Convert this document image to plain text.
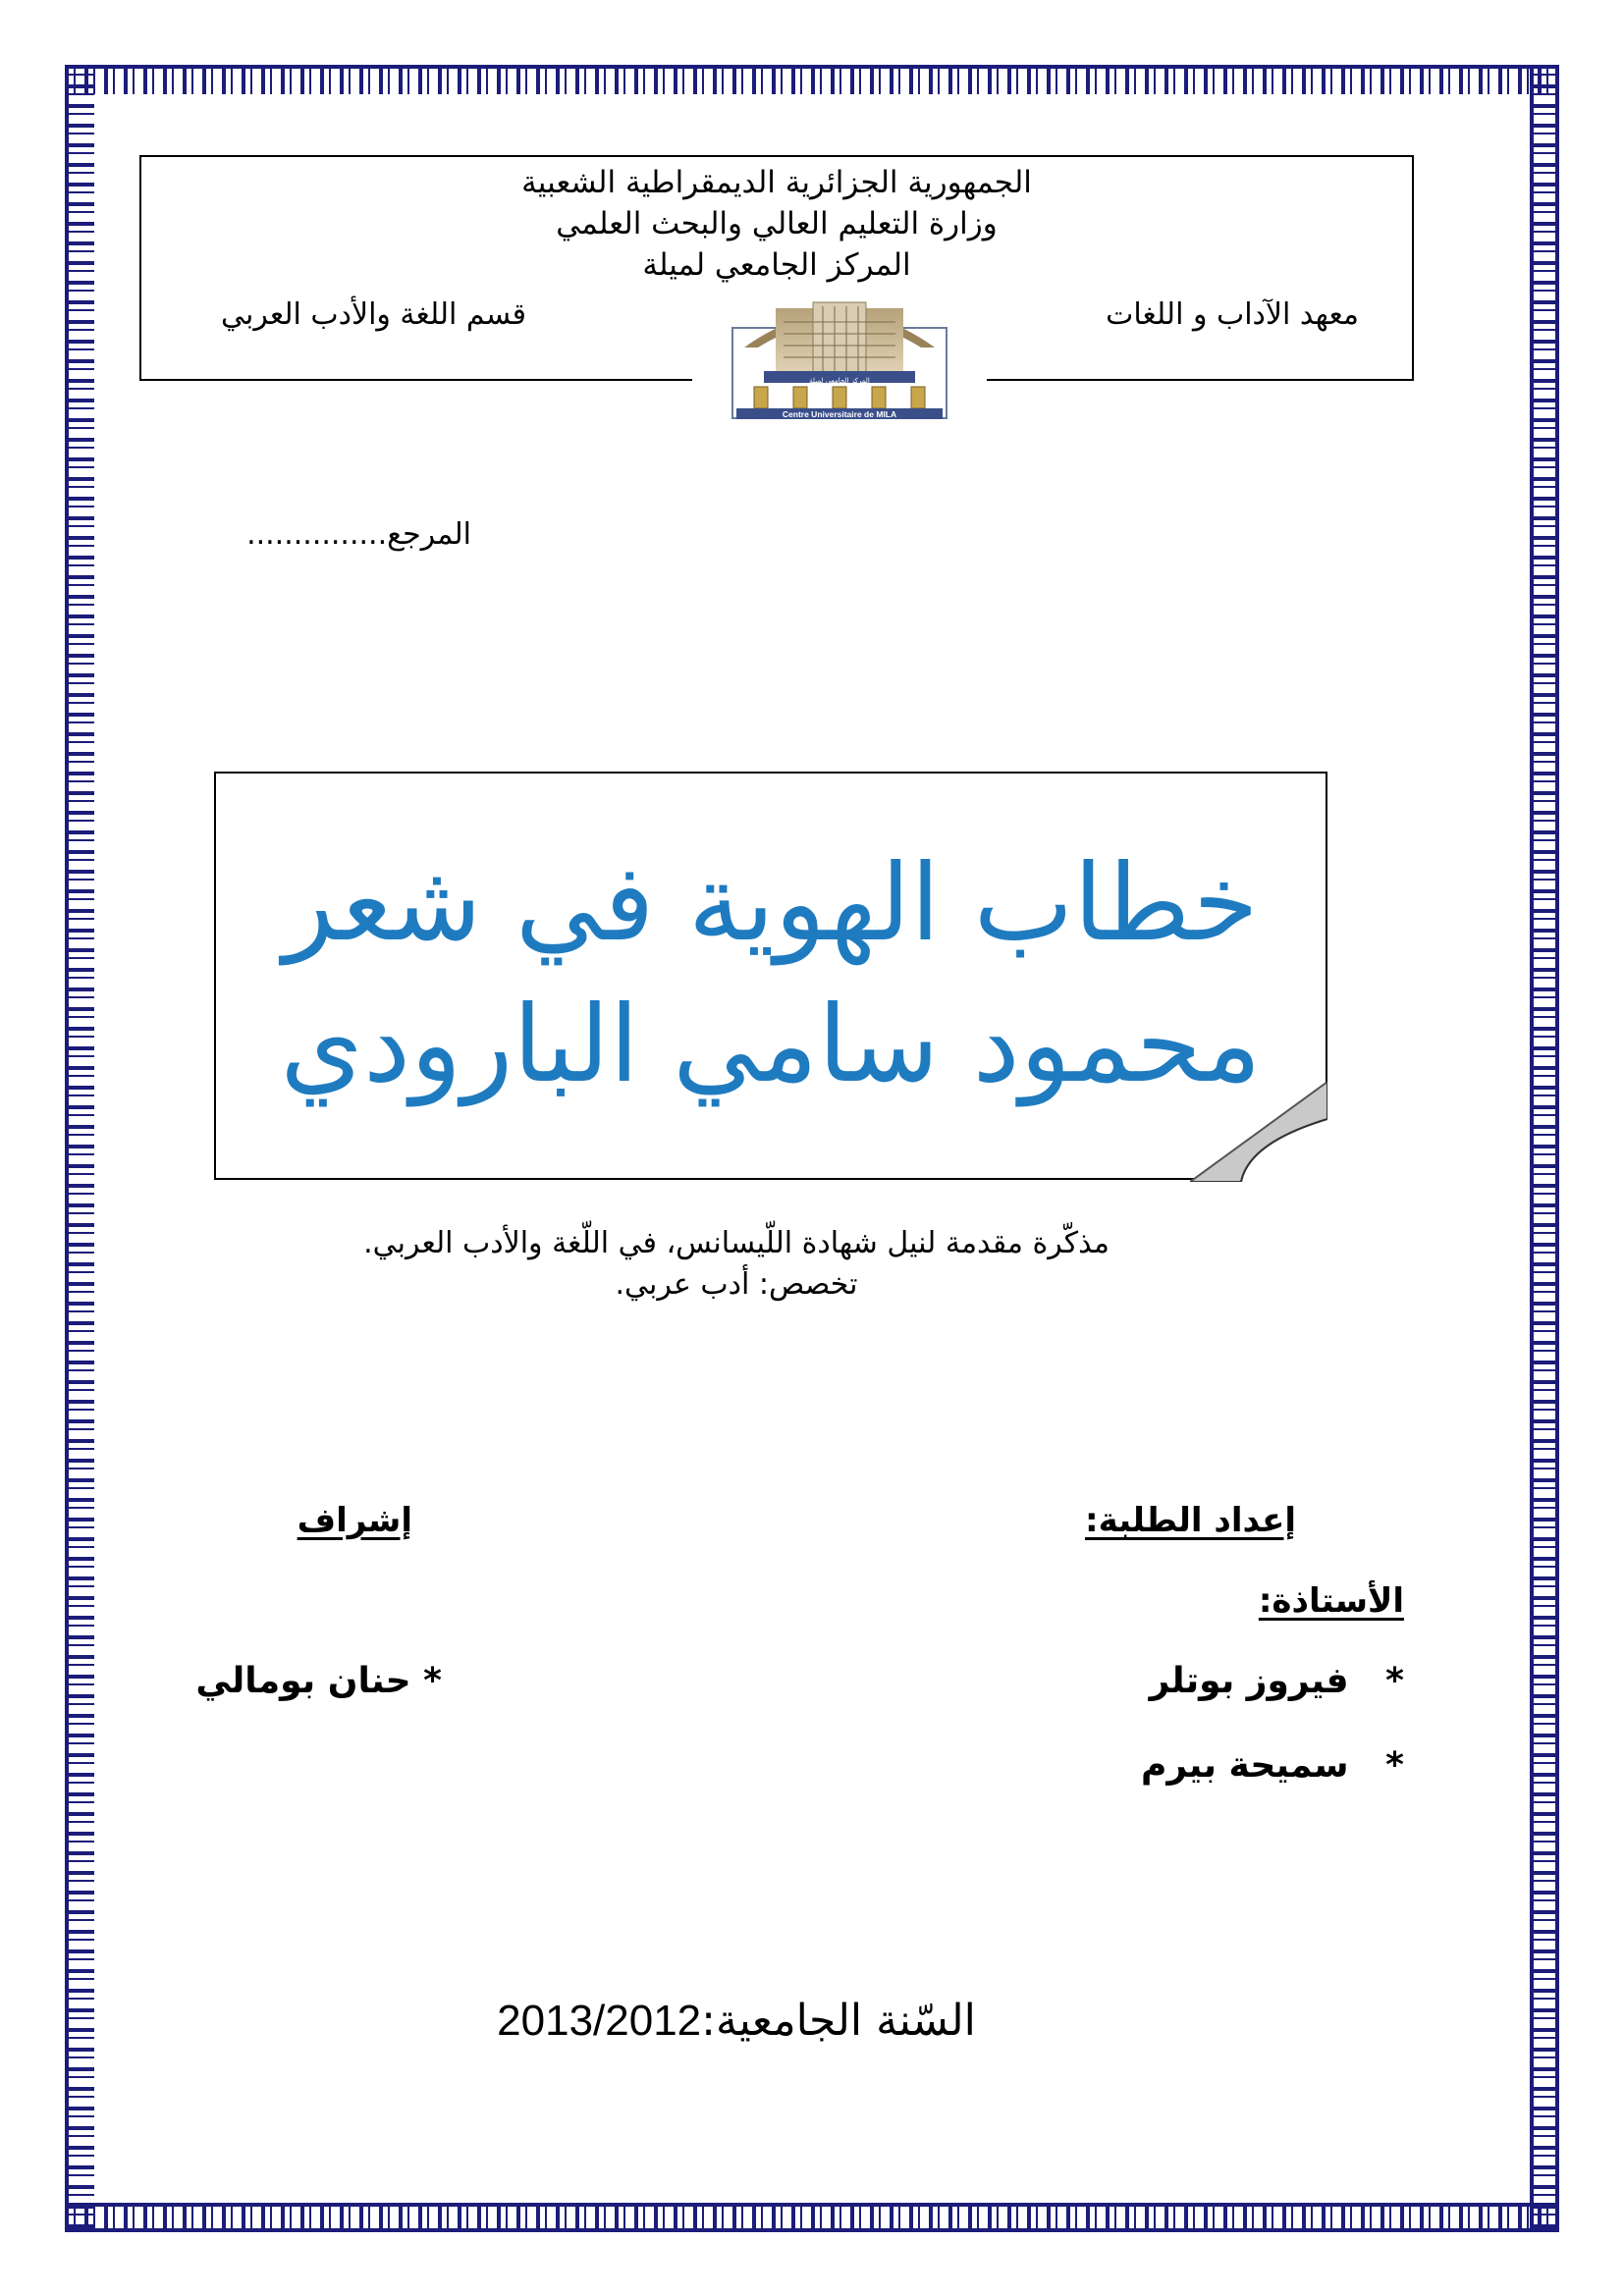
الجمهورية الجزائرية الديمقراطية الشعبية
وزارة التعليم العالي والبحث العلمي
المركز الجامعي لميلة
معهد الآداب و اللغات
قسم اللغة والأدب العربي
Centre Universitaire de MILA
المركز الجامعي لميلة
المرجع...............
خطاب الهوية في شعر
محمود سامي البارودي
مذكّرة مقدمة لنيل شهادة اللّيسانس، في اللّغة والأدب العربي.
تخصص: أدب عربي.
إعداد الطلبة:
إشراف
الأستاذة:
*   فيروز بوتلر
*   سميحة بيرم
* حنان بومالي
السّنة الجامعية:2013/2012
